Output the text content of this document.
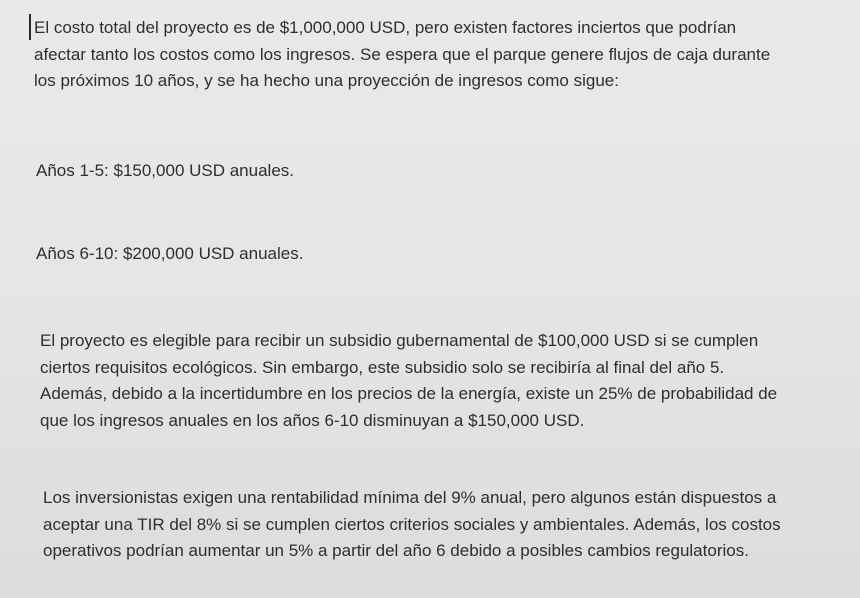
El costo total del proyecto es de $1,000,000 USD, pero existen factores inciertos que podrían
afectar tanto los costos como los ingresos. Se espera que el parque genere flujos de caja durante
los próximos 10 años, y se ha hecho una proyección de ingresos como sigue:

Años 1-5: $150,000 USD anuales.

Años 6-10: $200,000 USD anuales.

El proyecto es elegible para recibir un subsidio gubernamental de $100,000 USD si se cumplen
ciertos requisitos ecológicos. Sin embargo, este subsidio solo se recibiría al final del año 5.
Además, debido a la incertidumbre en los precios de la energía, existe un 25% de probabilidad de
que los ingresos anuales en los años 6-10 disminuyan a $150,000 USD.

Los inversionistas exigen una rentabilidad mínima del 9% anual, pero algunos están dispuestos a
aceptar una TIR del 8% si se cumplen ciertos criterios sociales y ambientales. Además, los costos
operativos podrían aumentar un 5% a partir del año 6 debido a posibles cambios regulatorios.
